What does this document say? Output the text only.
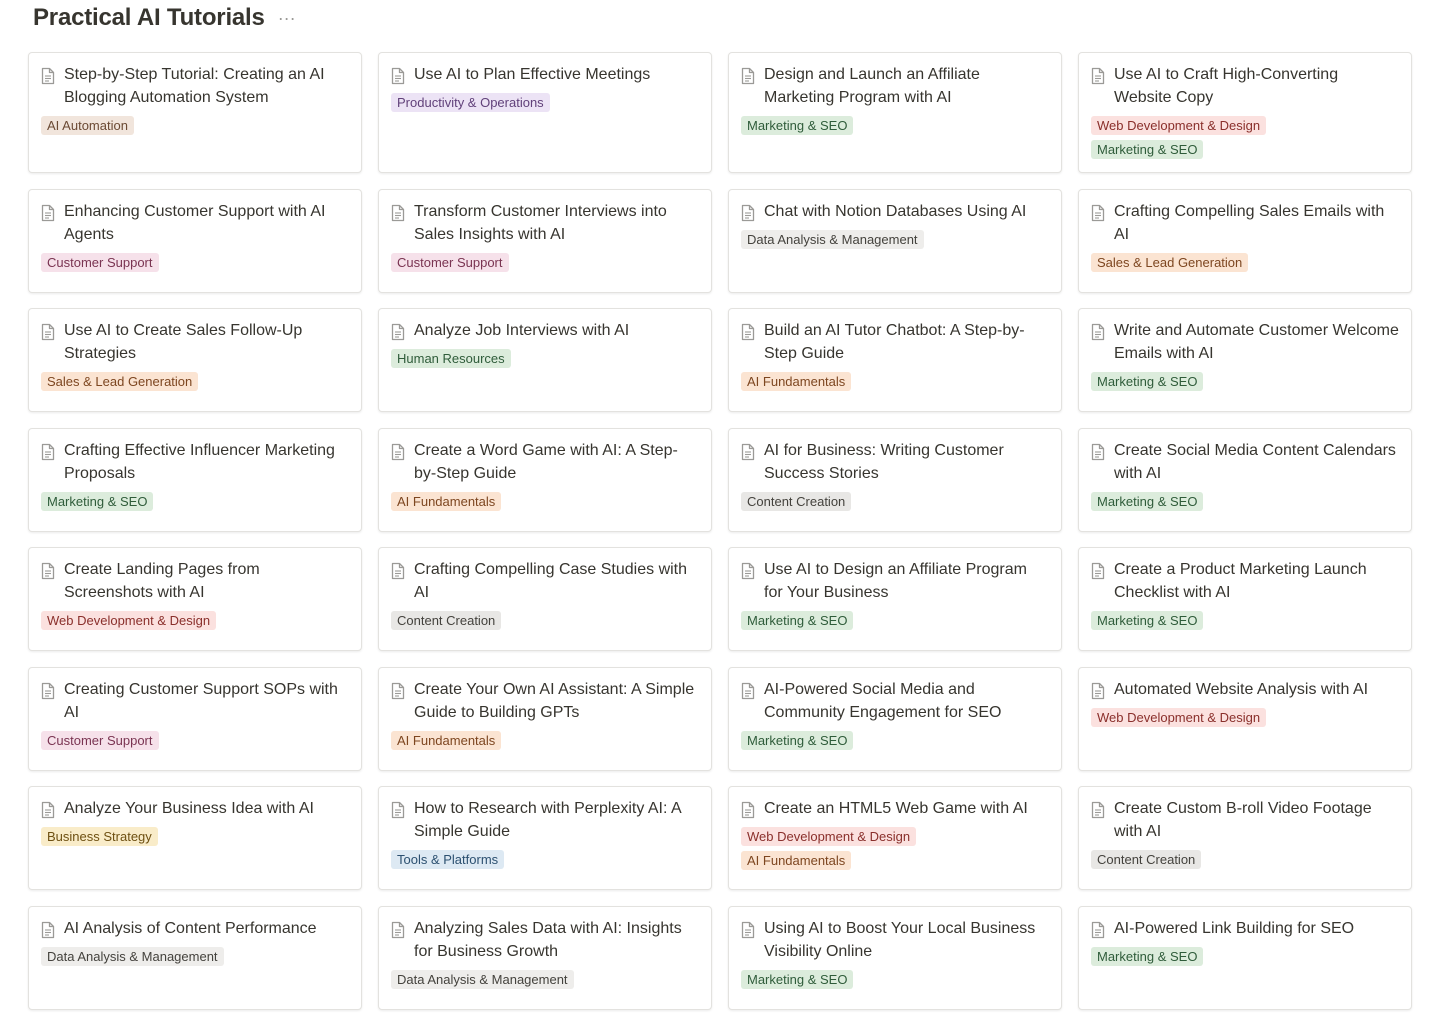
Practical AI Tutorials ···
Step-by-Step Tutorial: Creating an AI Blogging Automation System
AI Automation
Use AI to Plan Effective Meetings
Productivity & Operations
Design and Launch an Affiliate Marketing Program with AI
Marketing & SEO
Use AI to Craft High-Converting Website Copy
Web Development & Design
Marketing & SEO
Enhancing Customer Support with AI Agents
Customer Support
Transform Customer Interviews into Sales Insights with AI
Customer Support
Chat with Notion Databases Using AI
Data Analysis & Management
Crafting Compelling Sales Emails with AI
Sales & Lead Generation
Use AI to Create Sales Follow-Up Strategies
Sales & Lead Generation
Analyze Job Interviews with AI
Human Resources
Build an AI Tutor Chatbot: A Step-by-Step Guide
AI Fundamentals
Write and Automate Customer Welcome Emails with AI
Marketing & SEO
Crafting Effective Influencer Marketing Proposals
Marketing & SEO
Create a Word Game with AI: A Step-by-Step Guide
AI Fundamentals
AI for Business: Writing Customer Success Stories
Content Creation
Create Social Media Content Calendars with AI
Marketing & SEO
Create Landing Pages from Screenshots with AI
Web Development & Design
Crafting Compelling Case Studies with AI
Content Creation
Use AI to Design an Affiliate Program for Your Business
Marketing & SEO
Create a Product Marketing Launch Checklist with AI
Marketing & SEO
Creating Customer Support SOPs with AI
Customer Support
Create Your Own AI Assistant: A Simple Guide to Building GPTs
AI Fundamentals
AI-Powered Social Media and Community Engagement for SEO
Marketing & SEO
Automated Website Analysis with AI
Web Development & Design
Analyze Your Business Idea with AI
Business Strategy
How to Research with Perplexity AI: A Simple Guide
Tools & Platforms
Create an HTML5 Web Game with AI
Web Development & Design
AI Fundamentals
Create Custom B-roll Video Footage with AI
Content Creation
AI Analysis of Content Performance
Data Analysis & Management
Analyzing Sales Data with AI: Insights for Business Growth
Data Analysis & Management
Using AI to Boost Your Local Business Visibility Online
Marketing & SEO
AI-Powered Link Building for SEO
Marketing & SEO
